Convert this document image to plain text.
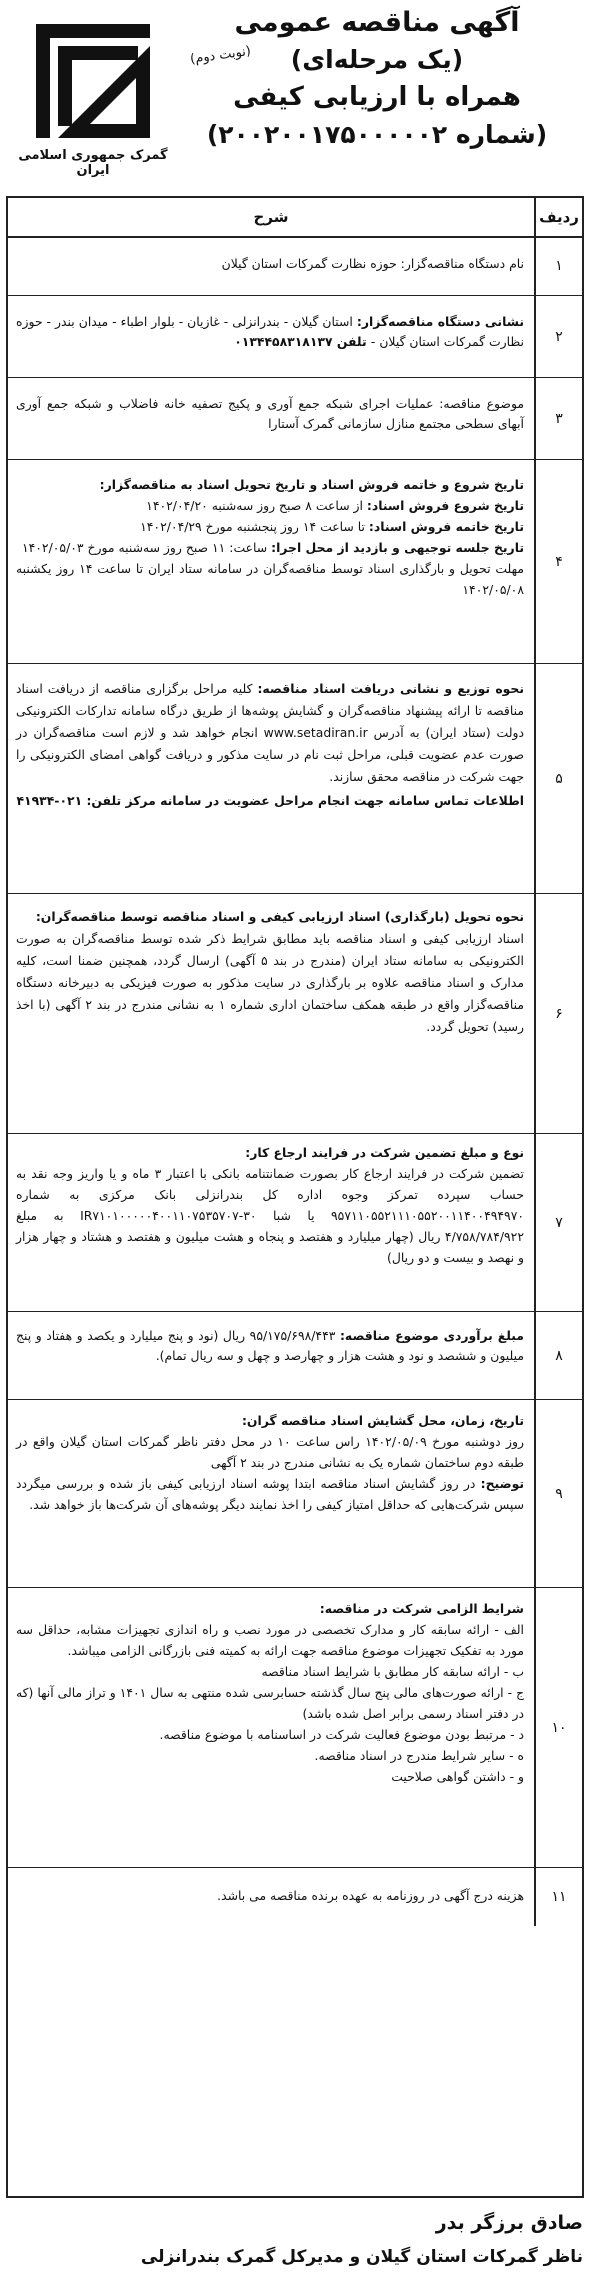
آگهی مناقصه عمومی
(یک مرحله‌ای)
(نوبت دوم)
همراه با ارزیابی کیفی
(شماره ۲۰۰۲۰۰۱۷۵۰۰۰۰۰۲)
گمرک جمهوری اسلامی ایران
ردیف
شرح
۱
نام دستگاه مناقصه‌گزار: حوزه نظارت گمرکات استان گیلان
۲
نشانی دستگاه مناقصه‌گزار: استان گیلان - بندرانزلی - غازیان - بلوار اطباء - میدان بندر - حوزه نظارت گمرکات استان گیلان - تلفن ۰۱۳۴۴۵۸۳۱۸۱۳۷
۳
موضوع مناقصه: عملیات اجرای شبکه جمع آوری و پکیج تصفیه خانه فاضلاب و شبکه جمع آوری آبهای سطحی مجتمع منازل سازمانی گمرک آستارا
۴
تاریخ شروع و خاتمه فروش اسناد و تاریخ تحویل اسناد به مناقصه‌گزار:
تاریخ شروع فروش اسناد: از ساعت ۸ صبح روز سه‌شنبه ۱۴۰۲/۰۴/۲۰
تاریخ خاتمه فروش اسناد: تا ساعت ۱۴ روز پنجشنبه مورخ ۱۴۰۲/۰۴/۲۹
تاریخ جلسه توجیهی و بازدید از محل اجرا: ساعت: ۱۱ صبح روز سه‌شنبه مورخ ۱۴۰۲/۰۵/۰۳
مهلت تحویل و بارگذاری اسناد توسط مناقصه‌گران در سامانه ستاد ایران تا ساعت ۱۴ روز یکشنبه ۱۴۰۲/۰۵/۰۸
۵
نحوه توزیع و نشانی دریافت اسناد مناقصه: کلیه مراحل برگزاری مناقصه از دریافت اسناد مناقصه تا ارائه پیشنهاد مناقصه‌گران و گشایش پوشه‌ها از طریق درگاه سامانه تدارکات الکترونیکی دولت (ستاد ایران) به آدرس www.setadiran.ir انجام خواهد شد و لازم است مناقصه‌گران در صورت عدم عضویت قبلی، مراحل ثبت نام در سایت مذکور و دریافت گواهی امضای الکترونیکی را جهت شرکت در مناقصه محقق سازند.
اطلاعات تماس سامانه جهت انجام مراحل عضویت در سامانه مرکز تلفن: ۰۲۱-۴۱۹۳۴
۶
نحوه تحویل (بارگذاری) اسناد ارزیابی کیفی و اسناد مناقصه توسط مناقصه‌گران:
اسناد ارزیابی کیفی و اسناد مناقصه باید مطابق شرایط ذکر شده توسط مناقصه‌گران به صورت الکترونیکی به سامانه ستاد ایران (مندرج در بند ۵ آگهی) ارسال گردد، همچنین ضمنا است، کلیه مدارک و اسناد مناقصه علاوه بر بارگذاری در سایت مذکور به صورت فیزیکی به دبیرخانه دستگاه مناقصه‌گزار واقع در طبقه همکف ساختمان اداری شماره ۱ به نشانی مندرج در بند ۲ آگهی (با اخذ رسید) تحویل گردد.
۷
نوع و مبلغ تضمین شرکت در فرایند ارجاع کار:
تضمین شرکت در فرایند ارجاع کار بصورت ضمانتنامه بانکی با اعتبار ۳ ماه و یا واریز وجه نقد به حساب سپرده تمرکز وجوه اداره کل بندرانزلی بانک مرکزی به شماره ۹۵۷۱۱۰۵۵۲۱۱۱۰۵۵۲۰۰۱۱۴۰۰۴۹۴۹۷۰ یا شبا ۳۰-IR۷۱۰۱۰۰۰۰۰۴۰۰۱۱۰۷۵۳۵۷۰۷ به مبلغ ۴/۷۵۸/۷۸۴/۹۲۲ ریال (چهار میلیارد و هفتصد و پنجاه و هشت میلیون و هفتصد و هشتاد و چهار هزار و نهصد و بیست و دو ریال)
۸
مبلغ برآوردی موضوع مناقصه: ۹۵/۱۷۵/۶۹۸/۴۴۳ ریال (نود و پنج میلیارد و یکصد و هفتاد و پنج میلیون و ششصد و نود و هشت هزار و چهارصد و چهل و سه ریال تمام).
۹
تاریخ، زمان، محل گشایش اسناد مناقصه گران:
روز دوشنبه مورخ ۱۴۰۲/۰۵/۰۹ راس ساعت ۱۰ در محل دفتر ناظر گمرکات استان گیلان واقع در طبقه دوم ساختمان شماره یک به نشانی مندرج در بند ۲ آگهی
توضیح: در روز گشایش اسناد مناقصه ابتدا پوشه اسناد ارزیابی کیفی باز شده و بررسی میگردد سپس شرکت‌هایی که حداقل امتیاز کیفی را اخذ نمایند دیگر پوشه‌های آن شرکت‌ها باز خواهد شد.
۱۰
شرایط الزامی شرکت در مناقصه:
الف - ارائه سابقه کار و مدارک تخصصی در مورد نصب و راه اندازی تجهیزات مشابه، حداقل سه مورد به تفکیک تجهیزات موضوع مناقصه جهت ارائه به کمیته فنی بازرگانی الزامی میباشد.
ب - ارائه سابقه کار مطابق با شرایط اسناد مناقصه
ج - ارائه صورت‌های مالی پنج سال گذشته حسابرسی شده منتهی به سال ۱۴۰۱ و تراز مالی آنها (که در دفتر اسناد رسمی برابر اصل شده باشد)
د - مرتبط بودن موضوع فعالیت شرکت در اساسنامه با موضوع مناقصه.
ه - سایر شرایط مندرج در اسناد مناقصه.
و - داشتن گواهی صلاحیت
۱۱
هزینه درج آگهی در روزنامه به عهده برنده مناقصه می باشد.
صادق برزگر بدر
ناظر گمرکات استان گیلان و مدیرکل گمرک بندرانزلی
